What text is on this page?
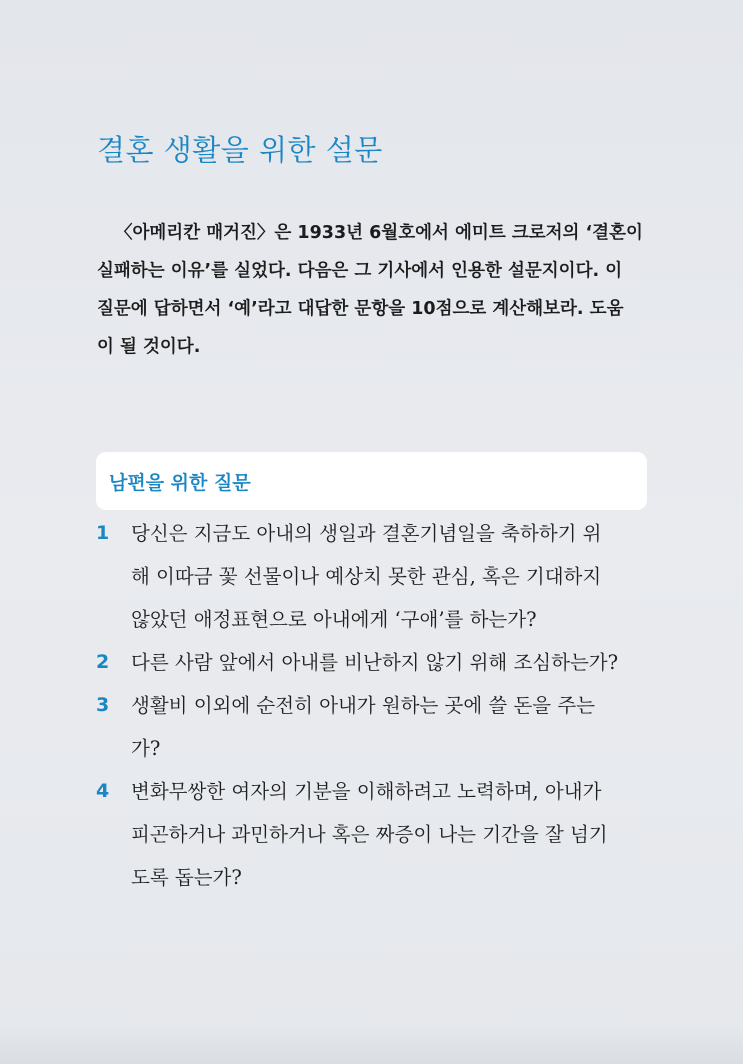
결혼 생활을 위한 설문
〈아메리칸 매거진〉은 1933년 6월호에서 에미트 크로저의 ‘결혼이
실패하는 이유’를 실었다. 다음은 그 기사에서 인용한 설문지이다. 이
질문에 답하면서 ‘예’라고 대답한 문항을 10점으로 계산해보라. 도움
이 될 것이다.
남편을 위한 질문
1	당신은 지금도 아내의 생일과 결혼기념일을 축하하기 위
해 이따금 꽃 선물이나 예상치 못한 관심, 혹은 기대하지
않았던 애정표현으로 아내에게 ‘구애’를 하는가?
2	다른 사람 앞에서 아내를 비난하지 않기 위해 조심하는가?
3	생활비 이외에 순전히 아내가 원하는 곳에 쓸 돈을 주는
가?
4	변화무쌍한 여자의 기분을 이해하려고 노력하며, 아내가
피곤하거나 과민하거나 혹은 짜증이 나는 기간을 잘 넘기
도록 돕는가?
